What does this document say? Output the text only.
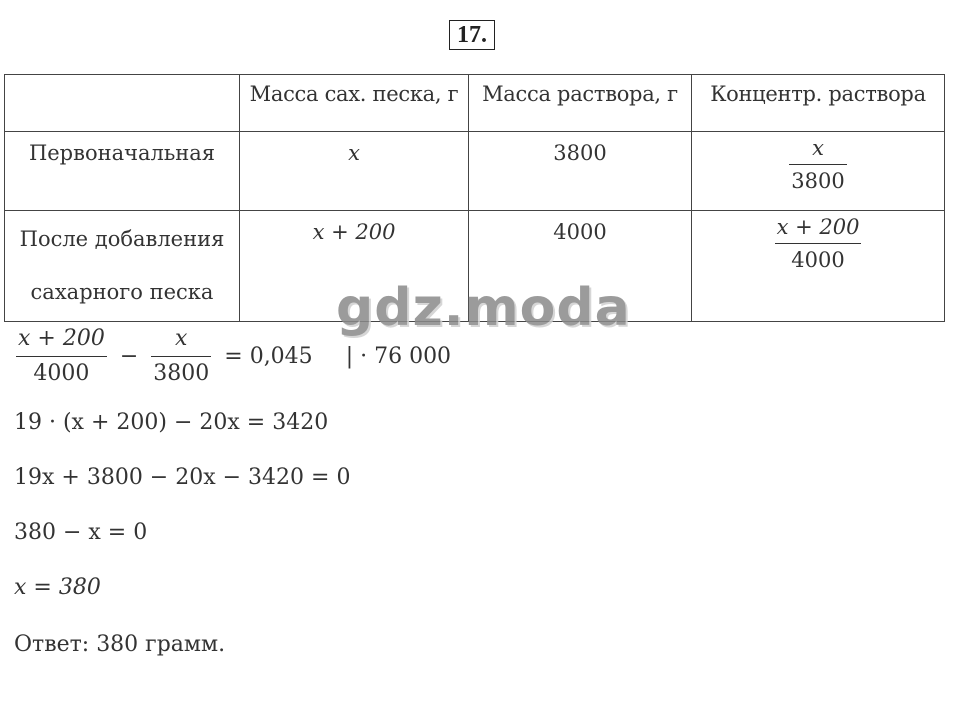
17.
	Масса сах. песка, г	Масса раствора, г	Концентр. раствора

Первоначальная	x	3800	$\frac{x}{3800}$

После добавления
сахарного песка	x + 200	4000	$\frac{x + 200}{4000}$
gdz.moda
$\frac{x + 200}{4000} - \frac{x}{3800} = 0,045$ | · 76 000
19 · (x + 200) − 20x = 3420
19x + 3800 − 20x − 3420 = 0
380 − x = 0
x = 380
Ответ: 380 грамм.
